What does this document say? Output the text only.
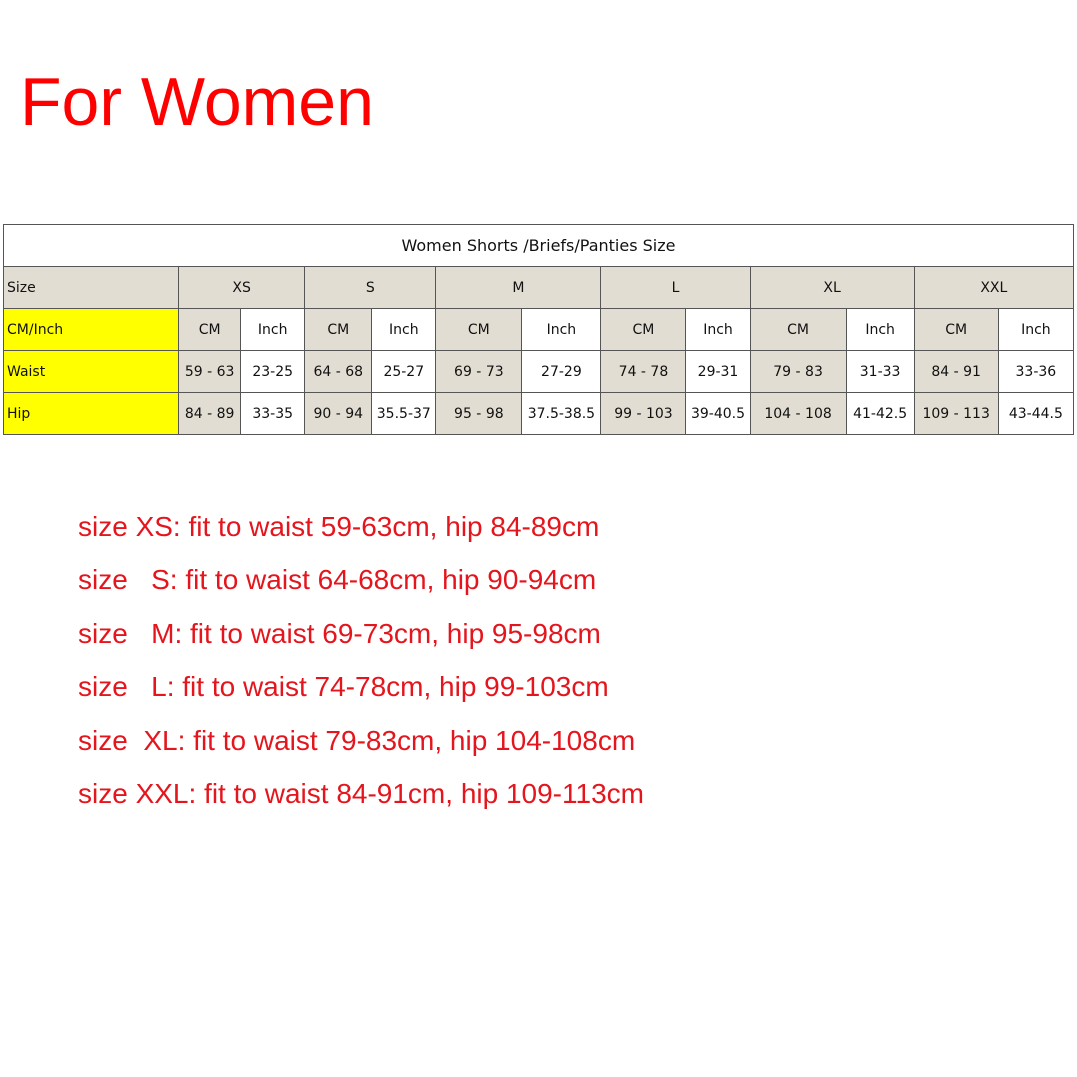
For Women
Women Shorts /Briefs/Panties Size												
Size	XS		S		M		L		XL		XXL	
CM/Inch	CM	Inch	CM	Inch	CM	Inch	CM	Inch	CM	Inch	CM	Inch
Waist	59 - 63	23-25	64 - 68	25-27	69 - 73	27-29	74 - 78	29-31	79 - 83	31-33	84 - 91	33-36
Hip	84 - 89	33-35	90 - 94	35.5-37	95 - 98	37.5-38.5	99 - 103	39-40.5	104 - 108	41-42.5	109 - 113	43-44.5
size XS: fit to waist 59-63cm, hip 84-89cm
size   S: fit to waist 64-68cm, hip 90-94cm
size   M: fit to waist 69-73cm, hip 95-98cm
size   L: fit to waist 74-78cm, hip 99-103cm
size  XL: fit to waist 79-83cm, hip 104-108cm
size XXL: fit to waist 84-91cm, hip 109-113cm
